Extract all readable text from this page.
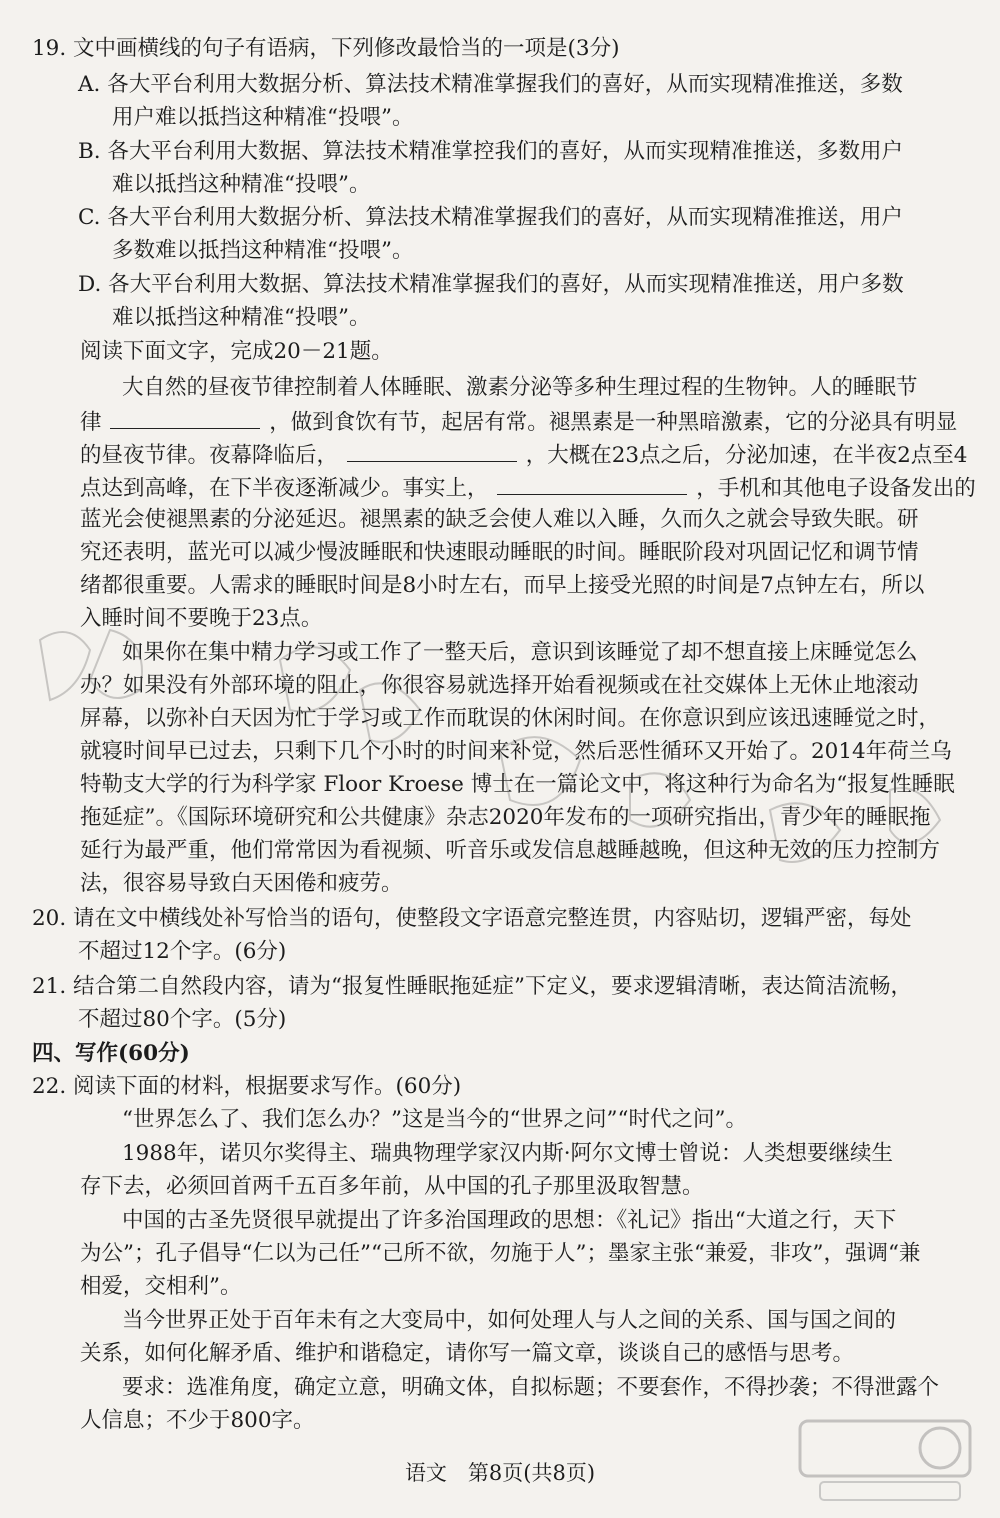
19. 文中画横线的句子有语病，下列修改最恰当的一项是(3分)
A. 各大平台利用大数据分析、算法技术精准掌握我们的喜好，从而实现精准推送，多数
用户难以抵挡这种精准“投喂”。
B. 各大平台利用大数据、算法技术精准掌控我们的喜好，从而实现精准推送，多数用户
难以抵挡这种精准“投喂”。
C. 各大平台利用大数据分析、算法技术精准掌握我们的喜好，从而实现精准推送，用户
多数难以抵挡这种精准“投喂”。
D. 各大平台利用大数据、算法技术精准掌握我们的喜好，从而实现精准推送，用户多数
难以抵挡这种精准“投喂”。
阅读下面文字，完成20－21题。
大自然的昼夜节律控制着人体睡眠、激素分泌等多种生理过程的生物钟。人的睡眠节
律	，做到食饮有节，起居有常。褪黑素是一种黑暗激素，它的分泌具有明显
的昼夜节律。夜幕降临后，	，大概在23点之后，分泌加速，在半夜2点至4
点达到高峰，在下半夜逐渐减少。事实上，	，手机和其他电子设备发出的
蓝光会使褪黑素的分泌延迟。褪黑素的缺乏会使人难以入睡，久而久之就会导致失眠。研
究还表明，蓝光可以减少慢波睡眠和快速眼动睡眠的时间。睡眠阶段对巩固记忆和调节情
绪都很重要。人需求的睡眠时间是8小时左右，而早上接受光照的时间是7点钟左右，所以
入睡时间不要晚于23点。
如果你在集中精力学习或工作了一整天后，意识到该睡觉了却不想直接上床睡觉怎么
办？如果没有外部环境的阻止，你很容易就选择开始看视频或在社交媒体上无休止地滚动
屏幕，以弥补白天因为忙于学习或工作而耽误的休闲时间。在你意识到应该迅速睡觉之时，
就寝时间早已过去，只剩下几个小时的时间来补觉，然后恶性循环又开始了。2014年荷兰乌
特勒支大学的行为科学家 Floor Kroese 博士在一篇论文中，将这种行为命名为“报复性睡眠
拖延症”。《国际环境研究和公共健康》杂志2020年发布的一项研究指出，青少年的睡眠拖
延行为最严重，他们常常因为看视频、听音乐或发信息越睡越晚，但这种无效的压力控制方
法，很容易导致白天困倦和疲劳。
20. 请在文中横线处补写恰当的语句，使整段文字语意完整连贯，内容贴切，逻辑严密，每处
不超过12个字。(6分)
21. 结合第二自然段内容，请为“报复性睡眠拖延症”下定义，要求逻辑清晰，表达简洁流畅，
不超过80个字。(5分)
四、写作(60分)
22. 阅读下面的材料，根据要求写作。(60分)
“世界怎么了、我们怎么办？”这是当今的“世界之问”“时代之问”。
1988年，诺贝尔奖得主、瑞典物理学家汉内斯·阿尔文博士曾说：人类想要继续生
存下去，必须回首两千五百多年前，从中国的孔子那里汲取智慧。
中国的古圣先贤很早就提出了许多治国理政的思想：《礼记》指出“大道之行，天下
为公”；孔子倡导“仁以为己任”“己所不欲，勿施于人”；墨家主张“兼爱，非攻”，强调“兼
相爱，交相利”。
当今世界正处于百年未有之大变局中，如何处理人与人之间的关系、国与国之间的
关系，如何化解矛盾、维护和谐稳定，请你写一篇文章，谈谈自己的感悟与思考。
要求：选准角度，确定立意，明确文体，自拟标题；不要套作，不得抄袭；不得泄露个
人信息；不少于800字。
语文　第8页(共8页)
